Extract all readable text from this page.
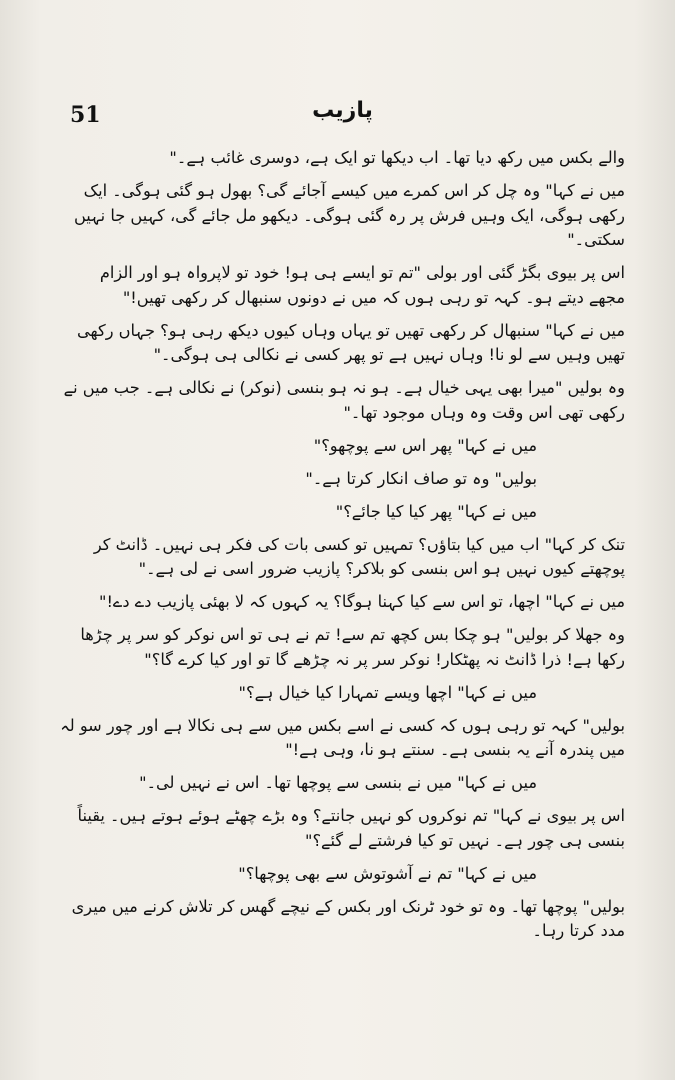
51	پازیب

والے بکس میں رکھ دیا تھا۔ اب دیکھا تو ایک ہے، دوسری غائب ہے۔"

میں نے کہا" وہ چل کر اس کمرے میں کیسے آجائے گی؟ بھول ہو گئی ہوگی۔ ایک رکھی ہوگی، ایک وہیں فرش پر رہ گئی ہوگی۔ دیکھو مل جائے گی، کہیں جا نہیں سکتی۔"

اس پر بیوی بگڑ گئی اور بولی "تم تو ایسے ہی ہو! خود تو لاپرواہ ہو اور الزام مجھے دیتے ہو۔ کہہ تو رہی ہوں کہ میں نے دونوں سنبھال کر رکھی تھیں!"

میں نے کہا" سنبھال کر رکھی تھیں تو یہاں وہاں کیوں دیکھ رہی ہو؟ جہاں رکھی تھیں وہیں سے لو نا! وہاں نہیں ہے تو پھر کسی نے نکالی ہی ہوگی۔"

وہ بولیں "میرا بھی یہی خیال ہے۔ ہو نہ ہو بنسی (نوکر) نے نکالی ہے۔ جب میں نے رکھی تھی اس وقت وہ وہاں موجود تھا۔"

میں نے کہا" پھر اس سے پوچھو؟"

بولیں" وہ تو صاف انکار کرتا ہے۔"

میں نے کہا" پھر کیا کیا جائے؟"

تنک کر کہا" اب میں کیا بتاؤں؟ تمہیں تو کسی بات کی فکر ہی نہیں۔ ڈانٹ کر پوچھتے کیوں نہیں ہو اس بنسی کو بلاکر؟ پازیب ضرور اسی نے لی ہے۔"

میں نے کہا" اچھا، تو اس سے کیا کہنا ہوگا؟ یہ کہوں کہ لا بھئی پازیب دے دے!"

وہ جھلا کر بولیں" ہو چکا بس کچھ تم سے! تم نے ہی تو اس نوکر کو سر پر چڑھا رکھا ہے! ذرا ڈانٹ نہ پھٹکار! نوکر سر پر نہ چڑھے گا تو اور کیا کرے گا؟"

میں نے کہا" اچھا ویسے تمہارا کیا خیال ہے؟"

بولیں" کہہ تو رہی ہوں کہ کسی نے اسے بکس میں سے ہی نکالا ہے اور چور سو لہ میں پندرہ آنے یہ بنسی ہے۔ سنتے ہو نا، وہی ہے!"

میں نے کہا" میں نے بنسی سے پوچھا تھا۔ اس نے نہیں لی۔"

اس پر بیوی نے کہا" تم نوکروں کو نہیں جانتے؟ وہ بڑے چھٹے ہوئے ہوتے ہیں۔ یقیناً بنسی ہی چور ہے۔ نہیں تو کیا فرشتے لے گئے؟"

میں نے کہا" تم نے آشوتوش سے بھی پوچھا؟"

بولیں" پوچھا تھا۔ وہ تو خود ٹرنک اور بکس کے نیچے گھس کر تلاش کرنے میں میری مدد کرتا رہا۔
